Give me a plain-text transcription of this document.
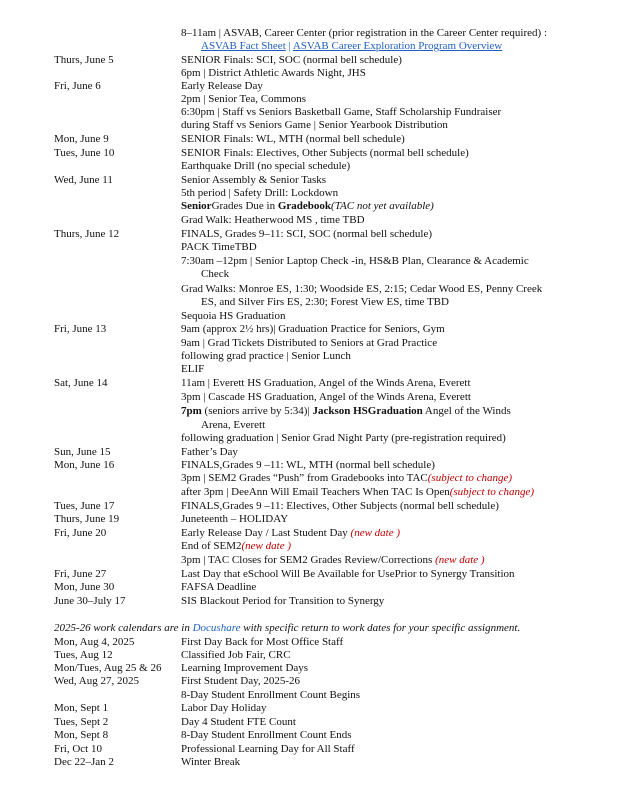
8–11am | ASVAB, Career Center (prior registration in the Career Center required) :
ASVAB Fact Sheet | ASVAB Career Exploration Program Overview
Thurs, June 5	SENIOR Finals: SCI, SOC (normal bell schedule)
6pm | District Athletic Awards Night, JHS
Fri, June 6	Early Release Day
2pm | Senior Tea, Commons
6:30pm | Staff vs Seniors Basketball Game, Staff Scholarship Fundraiser
during Staff vs Seniors Game | Senior Yearbook Distribution
Mon, June 9	SENIOR Finals: WL, MTH (normal bell schedule)
Tues, June 10	SENIOR Finals: Electives, Other Subjects (normal bell schedule)
Earthquake Drill (no special schedule)
Wed, June 11	Senior Assembly & Senior Tasks
5th period | Safety Drill: Lockdown
SeniorGrades Due in Gradebook(TAC not yet available)
Grad Walk: Heatherwood MS , time TBD
Thurs, June 12	FINALS, Grades 9–11: SCI, SOC (normal bell schedule)
PACK TimeTBD
7:30am –12pm | Senior Laptop Check -in, HS&B Plan, Clearance & Academic
Check
Grad Walks: Monroe ES, 1:30; Woodside ES, 2:15; Cedar Wood ES, Penny Creek
ES, and Silver Firs ES, 2:30; Forest View ES, time TBD
Sequoia HS Graduation
Fri, June 13	9am (approx 2½ hrs)| Graduation Practice for Seniors, Gym
9am | Grad Tickets Distributed to Seniors at Grad Practice
following grad practice | Senior Lunch
ELIF
Sat, June 14	11am | Everett HS Graduation, Angel of the Winds Arena, Everett
3pm | Cascade HS Graduation, Angel of the Winds Arena, Everett
7pm (seniors arrive by 5:34)| Jackson HSGraduation Angel of the Winds
Arena, Everett
following graduation | Senior Grad Night Party (pre-registration required)
Sun, June 15	Father’s Day
Mon, June 16	FINALS,Grades 9 –11: WL, MTH (normal bell schedule)
3pm | SEM2 Grades “Push” from Gradebooks into TAC(subject to change)
after 3pm | DeeAnn Will Email Teachers When TAC Is Open(subject to change)
Tues, June 17	FINALS,Grades 9 –11: Electives, Other Subjects (normal bell schedule)
Thurs, June 19	Juneteenth – HOLIDAY
Fri, June 20	Early Release Day / Last Student Day (new date )
End of SEM2(new date )
3pm | TAC Closes for SEM2 Grades Review/Corrections (new date )
Fri, June 27	Last Day that eSchool Will Be Available for UsePrior to Synergy Transition
Mon, June 30	FAFSA Deadline
June 30–July 17	SIS Blackout Period for Transition to Synergy
2025-26 work calendars are in Docushare with specific return to work dates for your specific assignment.
Mon, Aug 4, 2025	First Day Back for Most Office Staff
Tues, Aug 12	Classified Job Fair, CRC
Mon/Tues, Aug 25 & 26 Learning Improvement Days
Wed, Aug 27, 2025	First Student Day, 2025-26
8-Day Student Enrollment Count Begins
Mon, Sept 1	Labor Day Holiday
Tues, Sept 2	Day 4 Student FTE Count
Mon, Sept 8	8-Day Student Enrollment Count Ends
Fri, Oct 10	Professional Learning Day for All Staff
Dec 22–Jan 2	Winter Break
